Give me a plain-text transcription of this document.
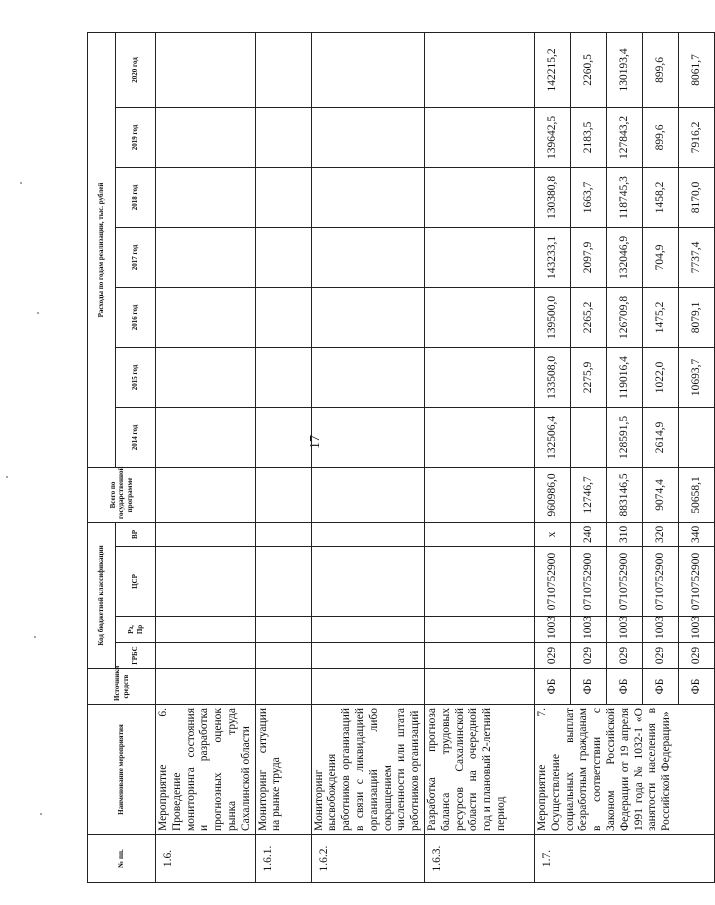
17
№ пп.	Наименование мероприятия	Источники средств	Код бюджетной классификации				Всего по государственной программе	Расходы по годам реализации, тыс. рублей						
			ГРБС	Рз, Пр	ЦСР	ВР		2014 год	2015 год	2016 год	2017 год	2018 год	2019 год	2020 год
1.6.	Мероприятие 6. Проведение мониторинга состояния и разработка прогнозных оценок рынка труда Сахалинской области													
1.6.1.	Мониторинг ситуации на рынке труда													
1.6.2.	Мониторинг высвобождения работников организаций в связи с ликвидацией организаций либо сокращением численности или штата работников организаций													
1.6.3.	Разработка прогноза баланса трудовых ресурсов Сахалинской области на очередной год и плановый 2-летний период													
1.7.	Мероприятие 7. Осуществление социальных выплат безработным гражданам в соответствии с Законом Российской Федерации от 19 апреля 1991 года № 1032-1 «О занятости населения в Российской Федерации»	ФБ	029	1003	0710752900	х	960986,0	132506,4	133508,0	139500,0	143233,1	130380,8	139642,5	142215,2
		ФБ	029	1003	0710752900	240	12746,7		2275,9	2265,2	2097,9	1663,7	2183,5	2260,5
		ФБ	029	1003	0710752900	310	883146,5	128591,5	119016,4	126709,8	132046,9	118745,3	127843,2	130193,4
		ФБ	029	1003	0710752900	320	9074,4	2614,9	1022,0	1475,2	704,9	1458,2	899,6	899,6
		ФБ	029	1003	0710752900	340	50658,1		10693,7	8079,1	7737,4	8170,0	7916,2	8061,7
